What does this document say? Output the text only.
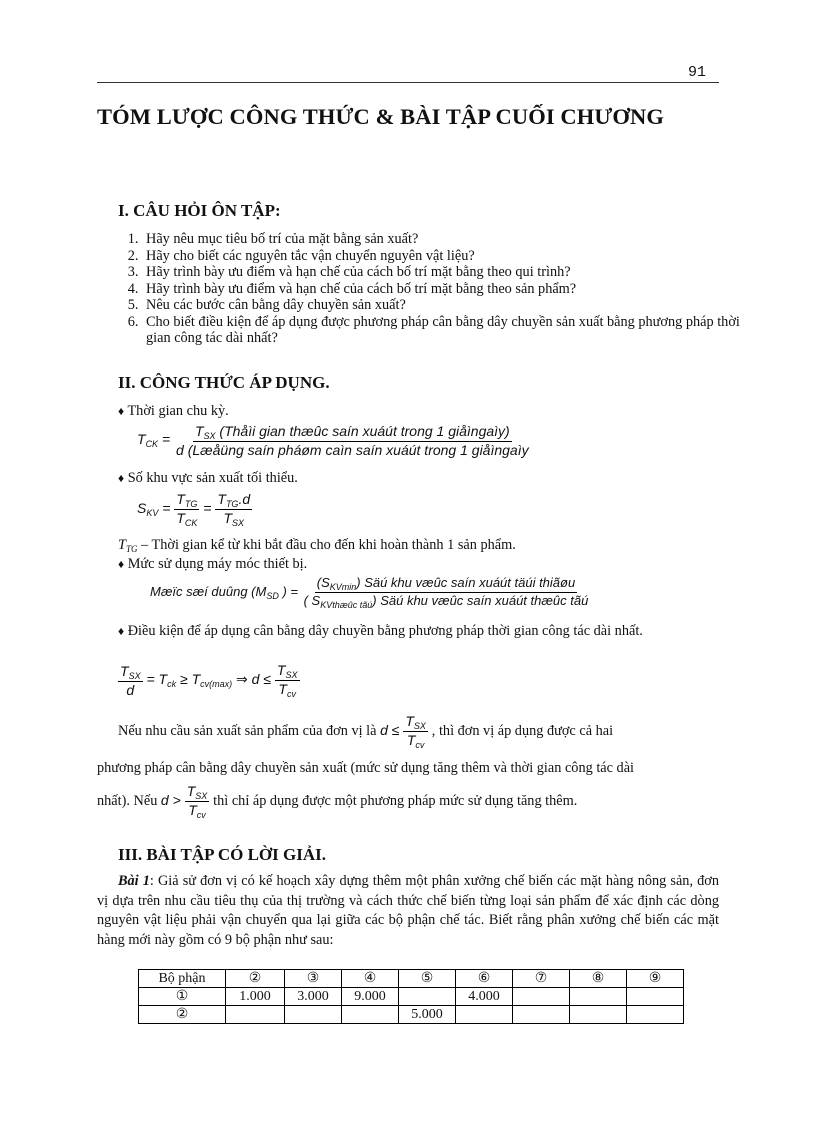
91
TÓM LƯỢC CÔNG THỨC & BÀI TẬP CUỐI CHƯƠNG
I. CÂU HỎI ÔN TẬP:
1. Hãy nêu mục tiêu bố trí của mặt bằng sản xuất?
2. Hãy cho biết các nguyên tắc vận chuyển nguyên vật liệu?
3. Hãy trình bày ưu điểm và hạn chế của cách bố trí mặt bằng theo qui trình?
4. Hãy trình bày ưu điểm và hạn chế của cách bố trí mặt bằng theo sản phẩm?
5. Nêu các bước cân bằng dây chuyền sản xuất?
6. Cho biết điều kiện để áp dụng được phương pháp cân bằng dây chuyền sản xuất bằng phương pháp thời gian công tác dài nhất?
II. CÔNG THỨC ÁP DỤNG.
♦ Thời gian chu kỳ.
$T_{CK} = \frac{T_{SX} (Thåìi gian thæûc saín xuáút trong 1 giåìngaìy)}{\text{d (Læåüng saín pháøm caìn saín xuáút trong 1 giåìngaìy}}$
♦ Số khu vực sản xuất tối thiểu.
$S_{KV} = \frac{T_{TG}}{T_{CK}} = \frac{T_{TG}.d}{T_{SX}}$
$T_{TG}$ – Thời gian kể từ khi bắt đầu cho đến khi hoàn thành 1 sản phẩm.
♦ Mức sử dụng máy móc thiết bị.
Mæïc sæí duûng ($M_{SD}$ ) = $\frac{(S_{KVmin}) Säú khu væûc saín xuáút täúi thiãøu}{( S_{KVthæûc tãú}) Säú khu væûc saín xuáút thæûc tãú}$
♦ Điều kiện để áp dụng cân bằng dây chuyền bằng phương pháp thời gian công tác dài nhất.
$\frac{T_{SX}}{d} = T_{ck} \ge T_{cv(max)}$ ⇒ $d \le \frac{T_{SX}}{T_{cv}}$
Nếu nhu cầu sản xuất sản phẩm của đơn vị là $d \le \frac{T_{SX}}{T_{cv}}$ , thì đơn vị áp dụng được cả hai
phương pháp cân bằng dây chuyền sản xuất (mức sử dụng tăng thêm và thời gian công tác dài
nhất). Nếu $d > \frac{T_{SX}}{T_{cv}}$ thì chỉ áp dụng được một phương pháp mức sử dụng tăng thêm.
III. BÀI TẬP CÓ LỜI GIẢI.
Bài 1: Giả sử đơn vị có kế hoạch xây dựng thêm một phân xưởng chế biến các mặt hàng nông sản, đơn vị dựa trên nhu cầu tiêu thụ của thị trường và cách thức chế biến từng loại sản phẩm để xác định các dòng nguyên vật liệu phải vận chuyển qua lại giữa các bộ phận chế tác. Biết rằng phân xưởng chế biến các mặt hàng mới này gồm có 9 bộ phận như sau:
Bộ phận	②	③	④	⑤	⑥	⑦	⑧	⑨
①	1.000	3.000	9.000		4.000			
②				5.000				
